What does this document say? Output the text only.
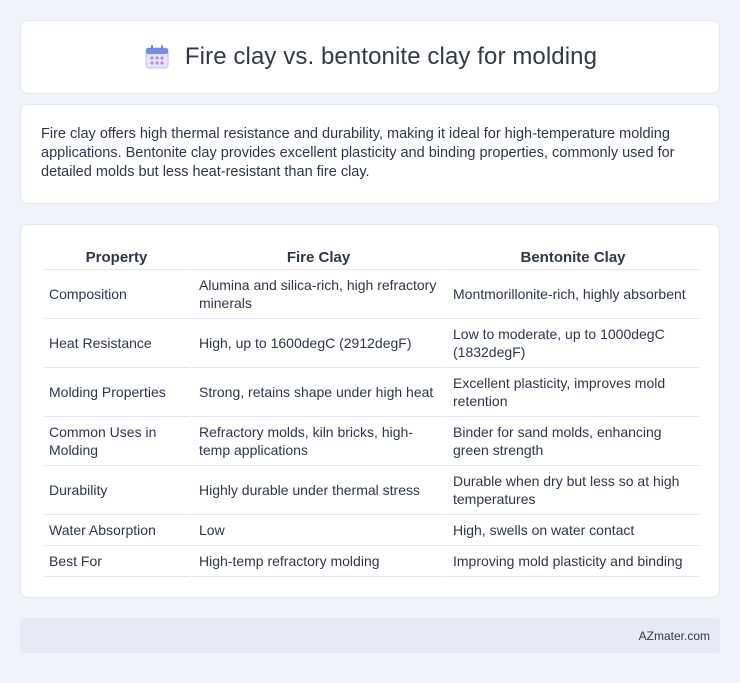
Fire clay vs. bentonite clay for molding

Fire clay offers high thermal resistance and durability, making it ideal for high-temperature molding applications. Bentonite clay provides excellent plasticity and binding properties, commonly used for detailed molds but less heat-resistant than fire clay.

Property	Fire Clay	Bentonite Clay
Composition	Alumina and silica-rich, high refractory minerals	Montmorillonite-rich, highly absorbent
Heat Resistance	High, up to 1600degC (2912degF)	Low to moderate, up to 1000degC (1832degF)
Molding Properties	Strong, retains shape under high heat	Excellent plasticity, improves mold retention
Common Uses in Molding	Refractory molds, kiln bricks, high-temp applications	Binder for sand molds, enhancing green strength
Durability	Highly durable under thermal stress	Durable when dry but less so at high temperatures
Water Absorption	Low	High, swells on water contact
Best For	High-temp refractory molding	Improving mold plasticity and binding
AZmater.com
